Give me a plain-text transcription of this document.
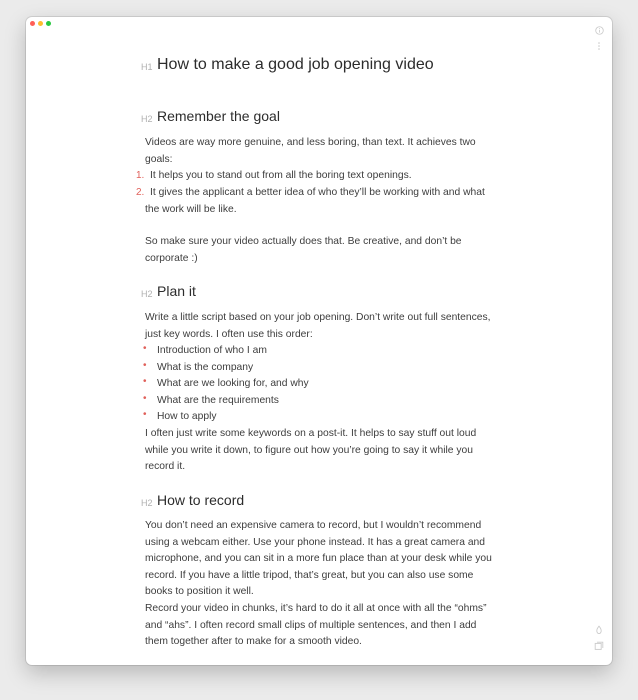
H1 How to make a good job opening video
H2 Remember the goal
Videos are way more genuine, and less boring, than text. It achieves two goals:
1. It helps you to stand out from all the boring text openings.
2. It gives the applicant a better idea of who they’ll be working with and what the work will be like.
So make sure your video actually does that. Be creative, and don’t be corporate :)
H2 Plan it
Write a little script based on your job opening. Don’t write out full sentences, just key words. I often use this order:
• Introduction of who I am
• What is the company
• What are we looking for, and why
• What are the requirements
• How to apply
I often just write some keywords on a post-it. It helps to say stuff out loud while you write it down, to figure out how you’re going to say it while you record it.
H2 How to record
You don’t need an expensive camera to record, but I wouldn’t recommend using a webcam either. Use your phone instead. It has a great camera and microphone, and you can sit in a more fun place than at your desk while you record. If you have a little tripod, that’s great, but you can also use some books to position it well.
Record your video in chunks, it’s hard to do it all at once with all the “ohms” and “ahs”. I often record small clips of multiple sentences, and then I add them together after to make for a smooth video.
